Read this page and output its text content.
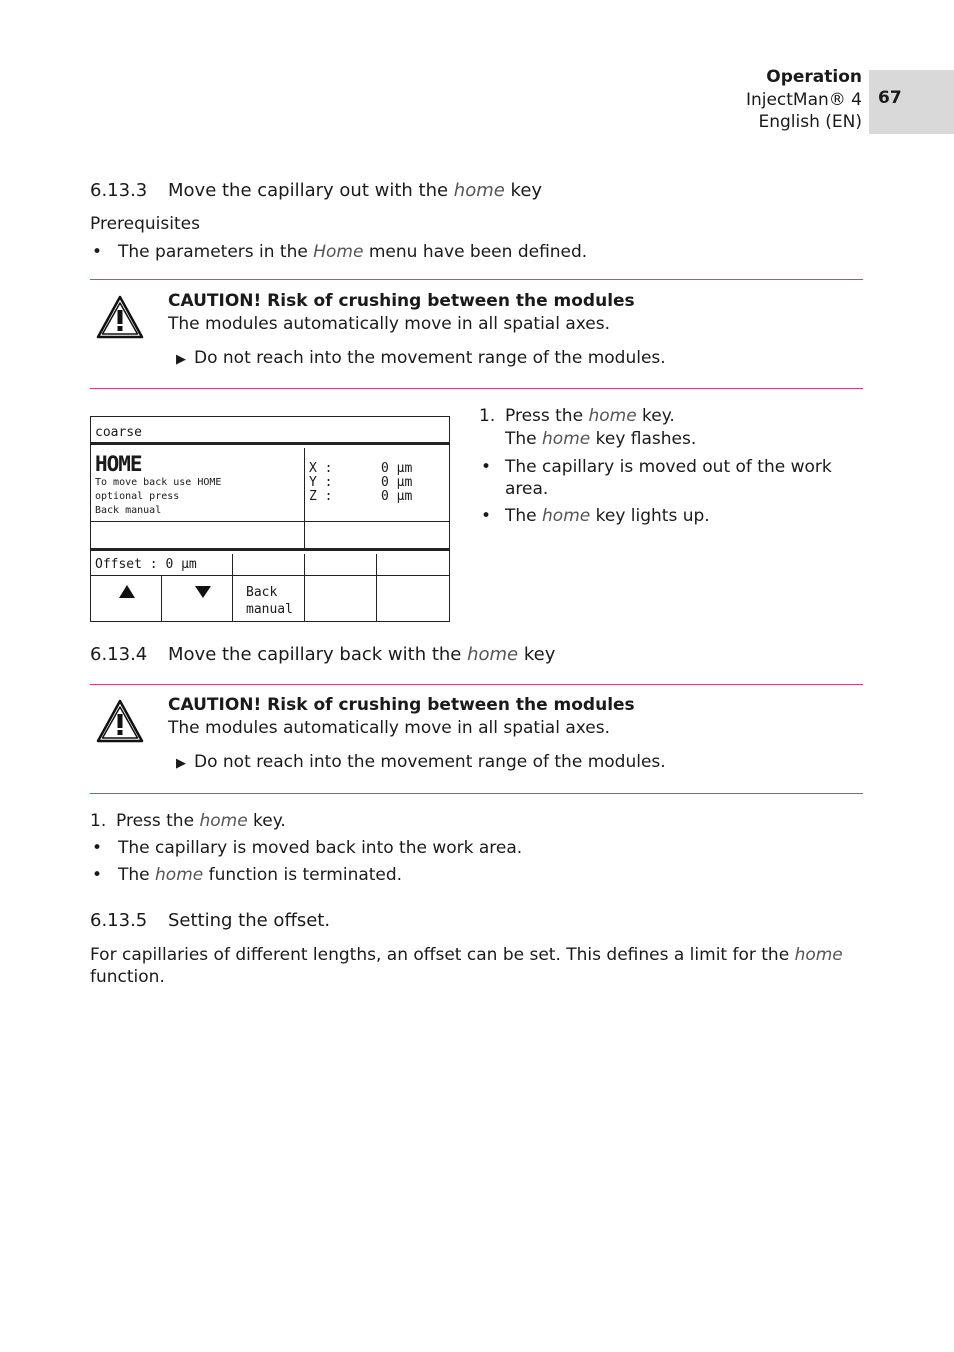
Operation
InjectMan® 4
English (EN)
67
6.13.3 Move the capillary out with the home key
Prerequisites
• The parameters in the Home menu have been defined.
CAUTION! Risk of crushing between the modules
The modules automatically move in all spatial axes.
▶ Do not reach into the movement range of the modules.
coarse
HOME
To move back use HOME
optional press
Back manual
X :	0 µm
Y :	0 µm
Z :	0 µm
Offset : 0 µm
Back
manual
1. Press the home key.
The home key flashes.
• The capillary is moved out of the work
area.
• The home key lights up.
6.13.4 Move the capillary back with the home key
CAUTION! Risk of crushing between the modules
The modules automatically move in all spatial axes.
▶ Do not reach into the movement range of the modules.
1. Press the home key.
• The capillary is moved back into the work area.
• The home function is terminated.
6.13.5 Setting the offset.
For capillaries of different lengths, an offset can be set. This defines a limit for the home
function.
